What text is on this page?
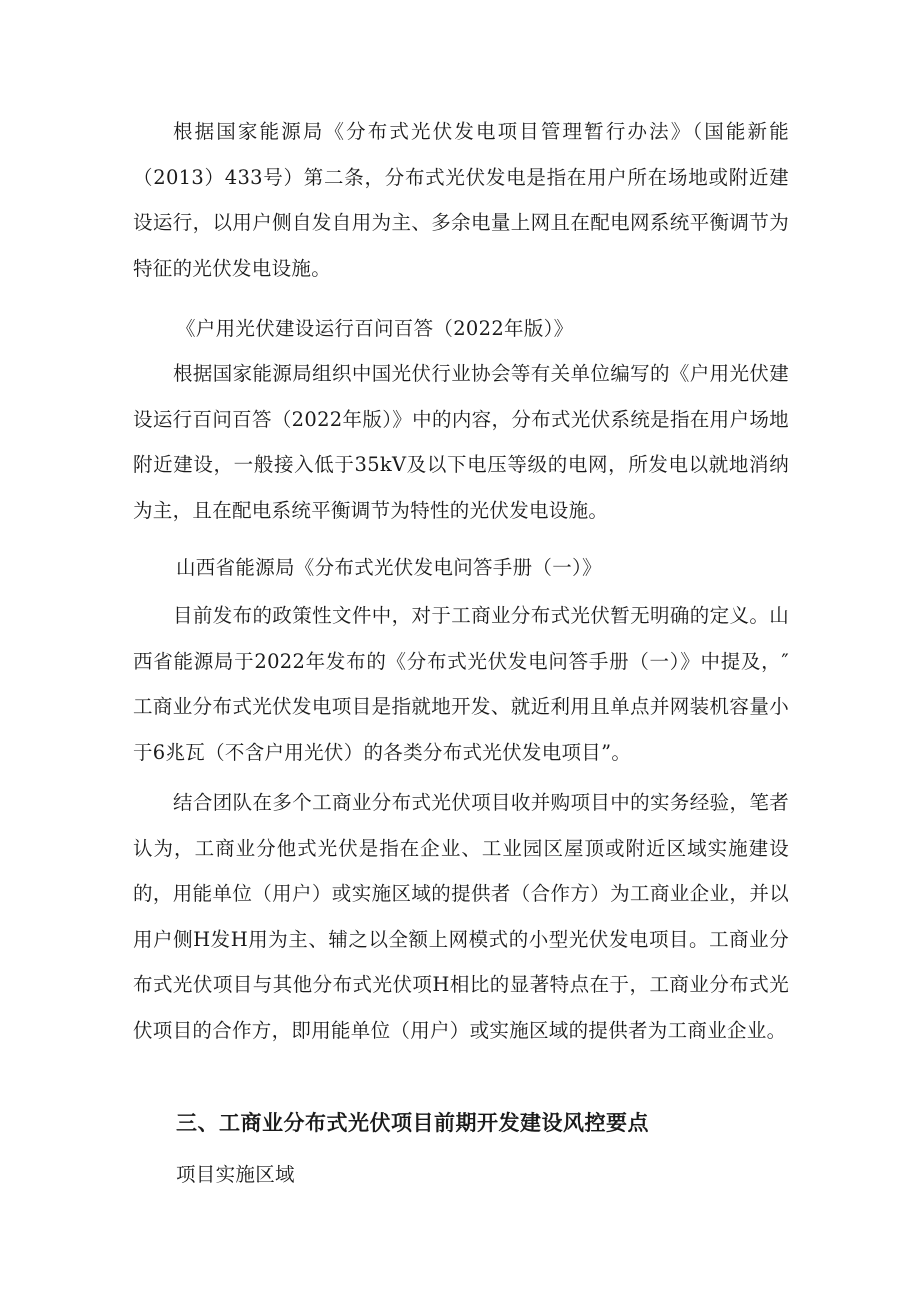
根据国家能源局《分布式光伏发电项目管理暂行办法》（国能新能（2013）433号）第二条，分布式光伏发电是指在用户所在场地或附近建设运行，以用户侧自发自用为主、多余电量上网且在配电网系统平衡调节为特征的光伏发电设施。

《户用光伏建设运行百问百答（2022年版）》

根据国家能源局组织中国光伏行业协会等有关单位编写的《户用光伏建设运行百问百答（2022年版）》中的内容，分布式光伏系统是指在用户场地附近建设，一般接入低于35kV及以下电压等级的电网，所发电以就地消纳为主，且在配电系统平衡调节为特性的光伏发电设施。

山西省能源局《分布式光伏发电问答手册（一）》

目前发布的政策性文件中，对于工商业分布式光伏暂无明确的定义。山西省能源局于2022年发布的《分布式光伏发电问答手册（一）》中提及，″工商业分布式光伏发电项目是指就地开发、就近利用且单点并网装机容量小于6兆瓦（不含户用光伏）的各类分布式光伏发电项目”。

结合团队在多个工商业分布式光伏项目收并购项目中的实务经验，笔者认为，工商业分他式光伏是指在企业、工业园区屋顶或附近区域实施建设的，用能单位（用户）或实施区域的提供者（合作方）为工商业企业，并以用户侧H发H用为主、辅之以全额上网模式的小型光伏发电项目。工商业分布式光伏项目与其他分布式光伏项H相比的显著特点在于，工商业分布式光伏项目的合作方，即用能单位（用户）或实施区域的提供者为工商业企业。

三、工商业分布式光伏项目前期开发建设风控要点

项目实施区域
